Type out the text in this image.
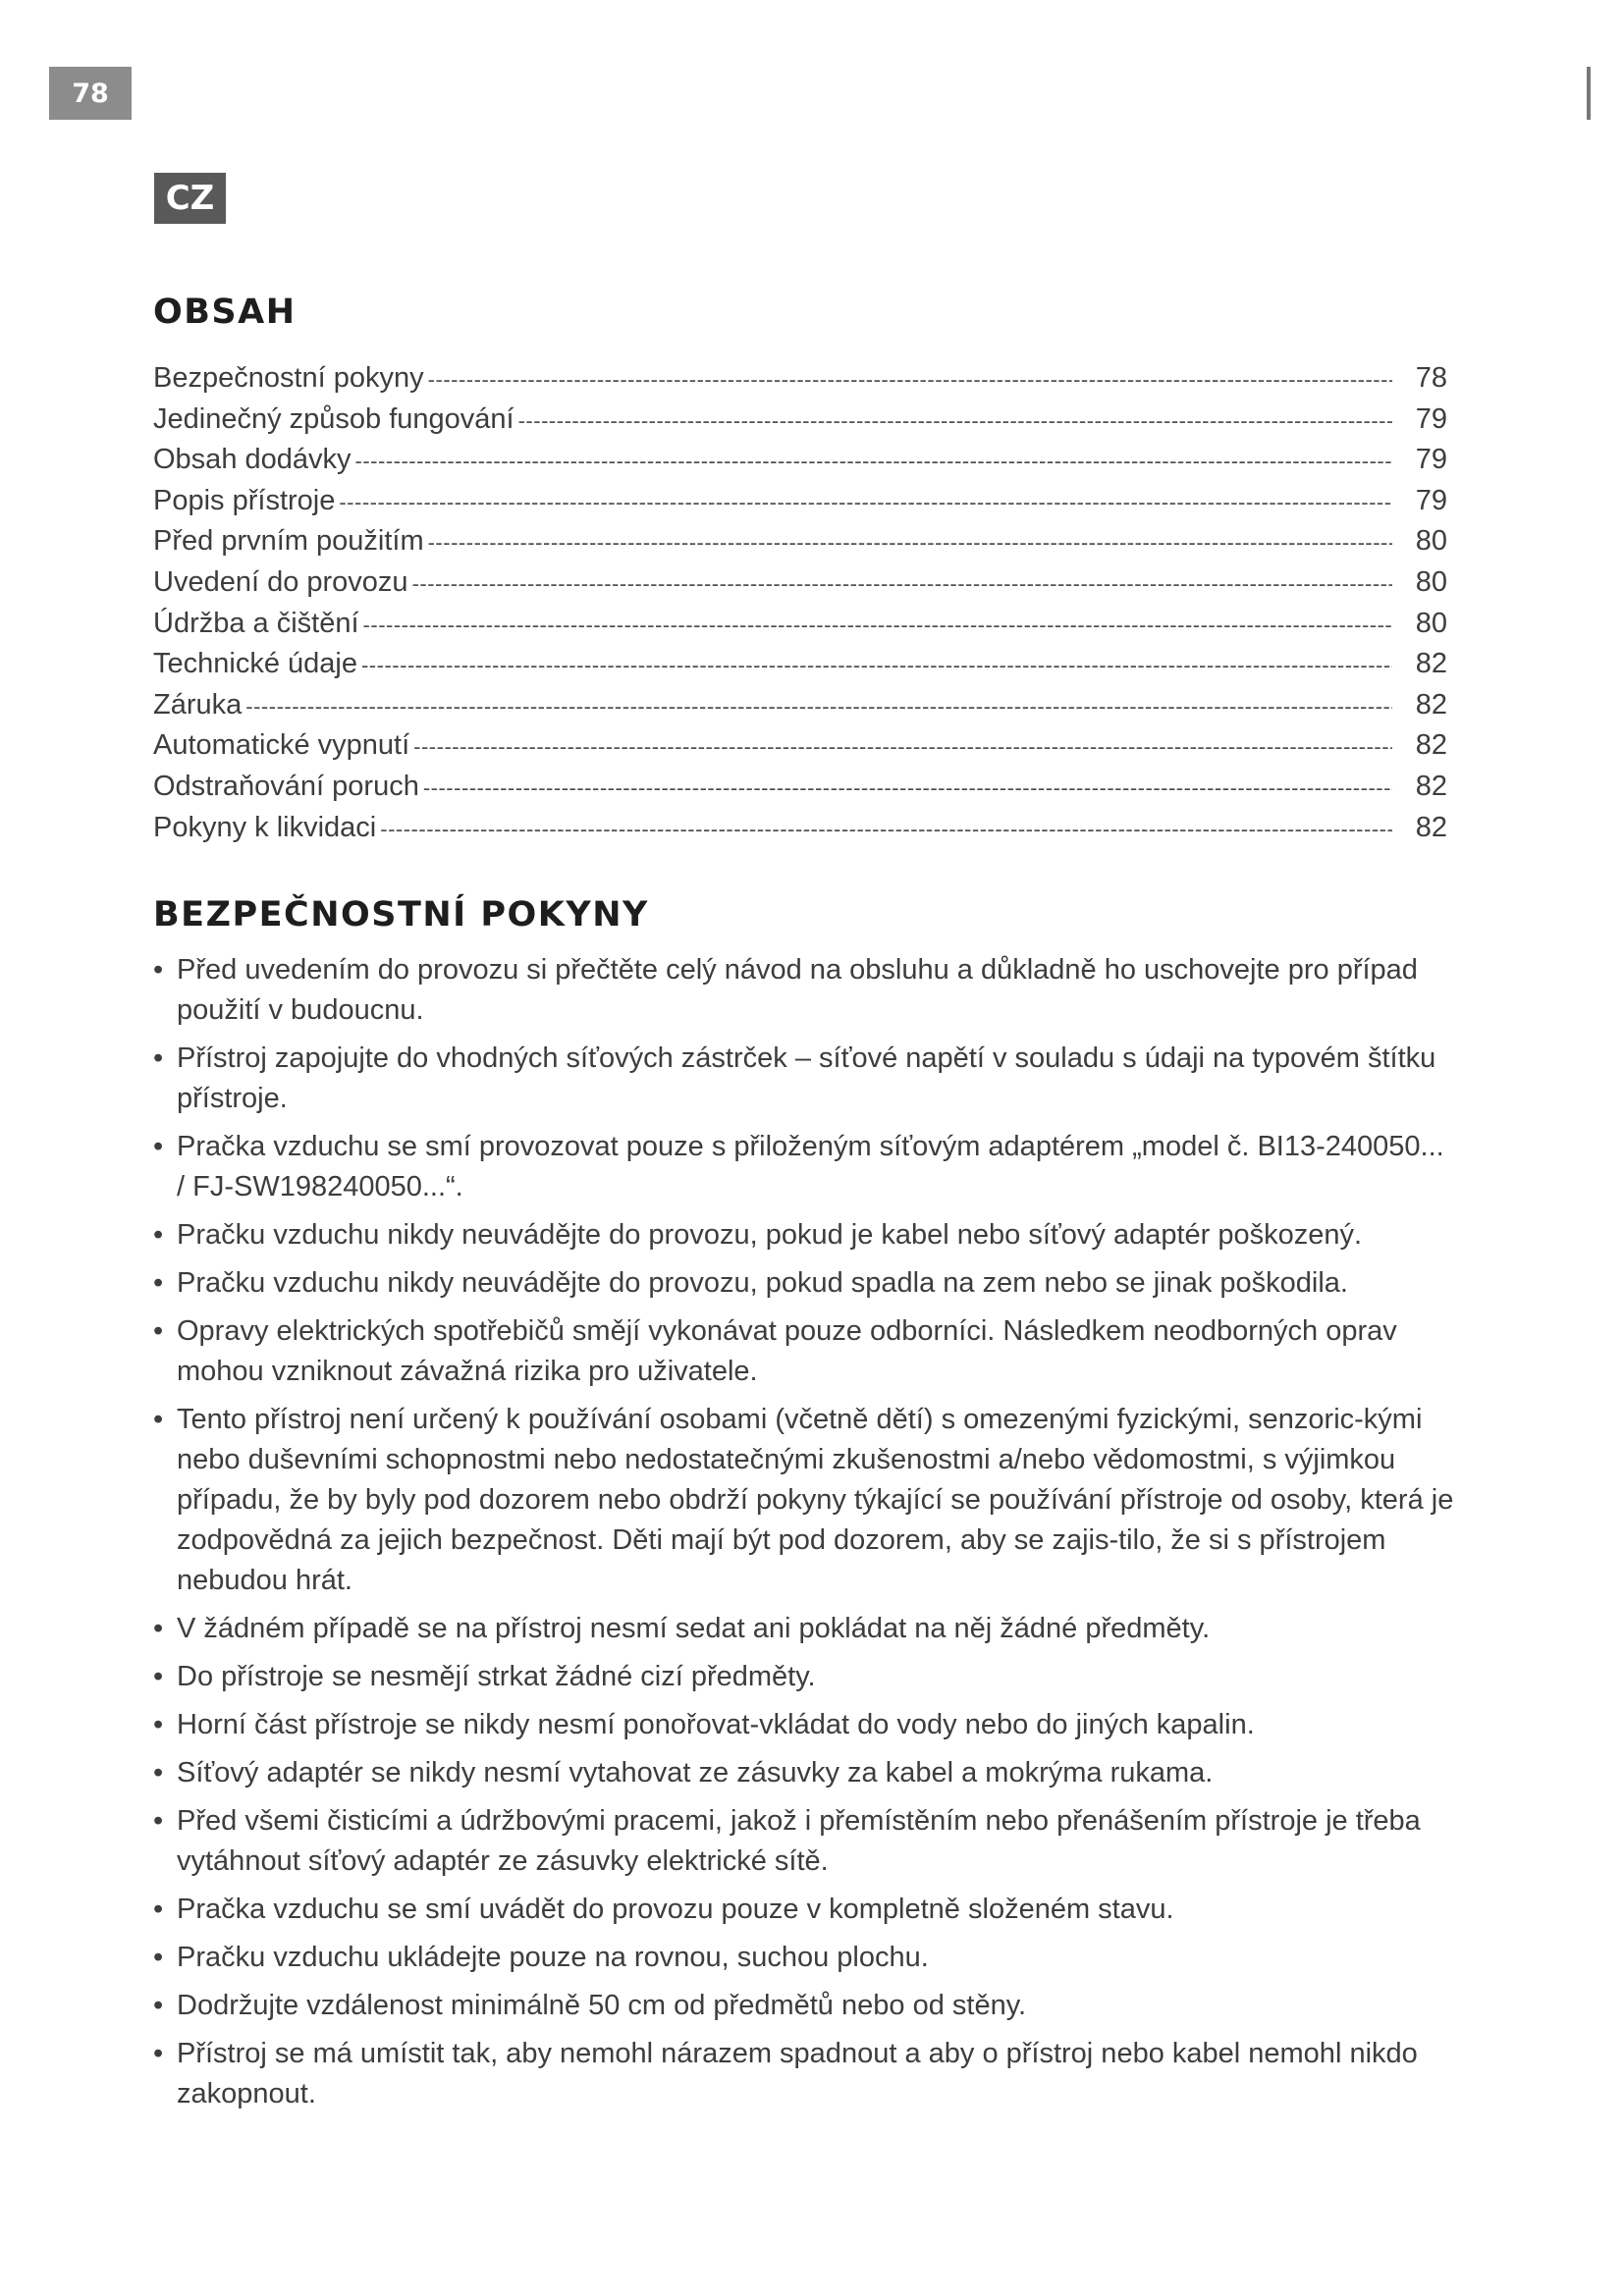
78
CZ
OBSAH
Bezpečnostní pokyny -----	78
Jedinečný způsob fungování -----	79
Obsah dodávky -----	79
Popis přístroje -----	79
Před prvním použitím -----	80
Uvedení do provozu -----	80
Údržba a čištění -----	80
Technické údaje -----	82
Záruka -----	82
Automatické vypnutí -----	82
Odstraňování poruch -----	82
Pokyny k likvidaci -----	82
BEZPEČNOSTNÍ POKYNY
• Před uvedením do provozu si přečtěte celý návod na obsluhu a důkladně ho uschovejte pro případ použití v budoucnu.
• Přístroj zapojujte do vhodných síťových zástrček – síťové napětí v souladu s údaji na typovém štítku přístroje.
• Pračka vzduchu se smí provozovat pouze s přiloženým síťovým adaptérem „model č. BI13-240050... / FJ-SW198240050...“.
• Pračku vzduchu nikdy neuvádějte do provozu, pokud je kabel nebo síťový adaptér poškozený.
• Pračku vzduchu nikdy neuvádějte do provozu, pokud spadla na zem nebo se jinak poškodila.
• Opravy elektrických spotřebičů smějí vykonávat pouze odborníci. Následkem neodborných oprav mohou vzniknout závažná rizika pro uživatele.
• Tento přístroj není určený k používání osobami (včetně dětí) s omezenými fyzickými, senzoric-kými nebo duševními schopnostmi nebo nedostatečnými zkušenostmi a/nebo vědomostmi, s výjimkou případu, že by byly pod dozorem nebo obdrží pokyny týkající se používání přístroje od osoby, která je zodpovědná za jejich bezpečnost. Děti mají být pod dozorem, aby se zajis-tilo, že si s přístrojem nebudou hrát.
• V žádném případě se na přístroj nesmí sedat ani pokládat na něj žádné předměty.
• Do přístroje se nesmějí strkat žádné cizí předměty.
• Horní část přístroje se nikdy nesmí ponořovat-vkládat do vody nebo do jiných kapalin.
• Síťový adaptér se nikdy nesmí vytahovat ze zásuvky za kabel a mokrýma rukama.
• Před všemi čisticími a údržbovými pracemi, jakož i přemístěním nebo přenášením přístroje je třeba vytáhnout síťový adaptér ze zásuvky elektrické sítě.
• Pračka vzduchu se smí uvádět do provozu pouze v kompletně složeném stavu.
• Pračku vzduchu ukládejte pouze na rovnou, suchou plochu.
• Dodržujte vzdálenost minimálně 50 cm od předmětů nebo od stěny.
• Přístroj se má umístit tak, aby nemohl nárazem spadnout a aby o přístroj nebo kabel nemohl nikdo zakopnout.
